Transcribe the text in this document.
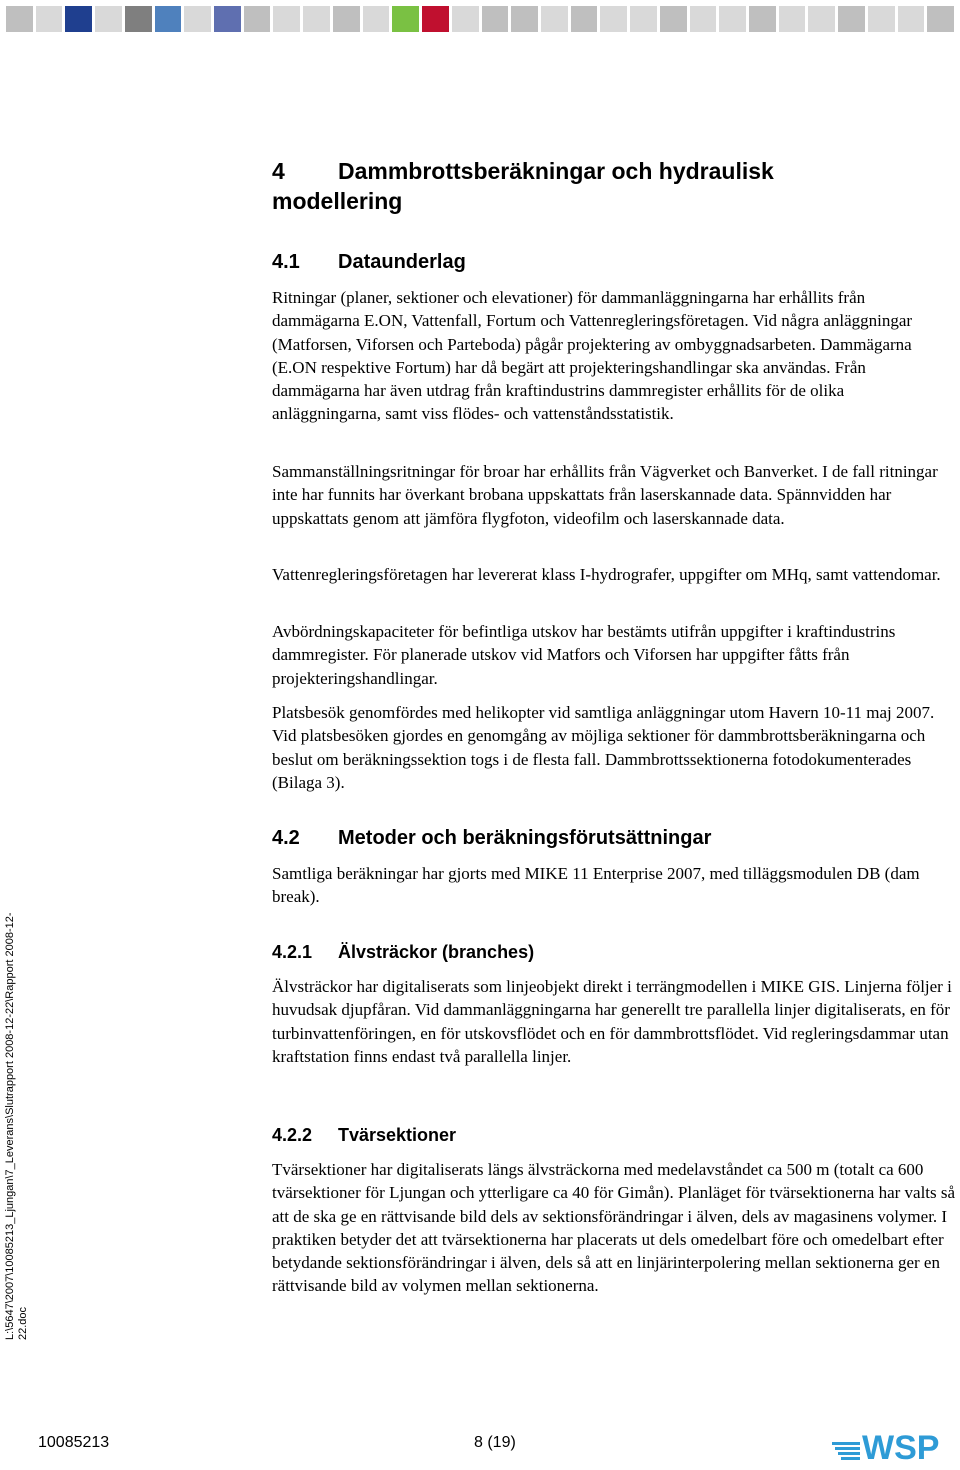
4 Dammbrottsberäkningar och hydraulisk modellering
4.1 Dataunderlag

Ritningar (planer, sektioner och elevationer) för dammanläggningarna har erhållits från dammägarna E.ON, Vattenfall, Fortum och Vattenregleringsföretagen. Vid några anläggningar (Matforsen, Viforsen och Parteboda) pågår projektering av ombyggnadsarbeten. Dammägarna (E.ON respektive Fortum) har då begärt att projekteringshandlingar ska användas. Från dammägarna har även utdrag från kraftindustrins dammregister erhållits för de olika anläggningarna, samt viss flödes- och vattenståndsstatistik.

Sammanställningsritningar för broar har erhållits från Vägverket och Banverket. I de fall ritningar inte har funnits har överkant brobana uppskattats från laserskannade data. Spännvidden har uppskattats genom att jämföra flygfoton, videofilm och laserskannade data.

Vattenregleringsföretagen har levererat klass I-hydrografer, uppgifter om MHq, samt vattendomar.

Avbördningskapaciteter för befintliga utskov har bestämts utifrån uppgifter i kraftindustrins dammregister. För planerade utskov vid Matfors och Viforsen har uppgifter fåtts från projekteringshandlingar.

Platsbesök genomfördes med helikopter vid samtliga anläggningar utom Havern 10-11 maj 2007. Vid platsbesöken gjordes en genomgång av möjliga sektioner för dammbrottsberäkningarna och beslut om beräkningssektion togs i de flesta fall. Dammbrottssektionerna fotodokumenterades (Bilaga 3).

4.2 Metoder och beräkningsförutsättningar

Samtliga beräkningar har gjorts med MIKE 11 Enterprise 2007, med tilläggsmodulen DB (dam break).

4.2.1 Älvsträckor (branches)

Älvsträckor har digitaliserats som linjeobjekt direkt i terrängmodellen i MIKE GIS. Linjerna följer i huvudsak djupfåran. Vid dammanläggningarna har generellt tre parallella linjer digitaliserats, en för turbinvattenföringen, en för utskovsflödet och en för dammbrottsflödet. Vid regleringsdammar utan kraftstation finns endast två parallella linjer.

4.2.2 Tvärsektioner

Tvärsektioner har digitaliserats längs älvsträckorna med medelavståndet ca 500 m (totalt ca 600 tvärsektioner för Ljungan och ytterligare ca 40 för Gimån). Planläget för tvärsektionerna har valts så att de ska ge en rättvisande bild dels av sektionsförändringar i älven, dels av magasinens volymer. I praktiken betyder det att tvärsektionerna har placerats ut dels omedelbart före och omedelbart efter betydande sektionsförändringar i älven, dels så att en linjärinterpolering mellan sektionerna ger en rättvisande bild av volymen mellan sektionerna.

L:\5647\2007\10085213_Ljungan\7_Leverans\Slutrapport 2008-12-22\Rapport 2008-12-22.doc
10085213	8 (19)	WSP
